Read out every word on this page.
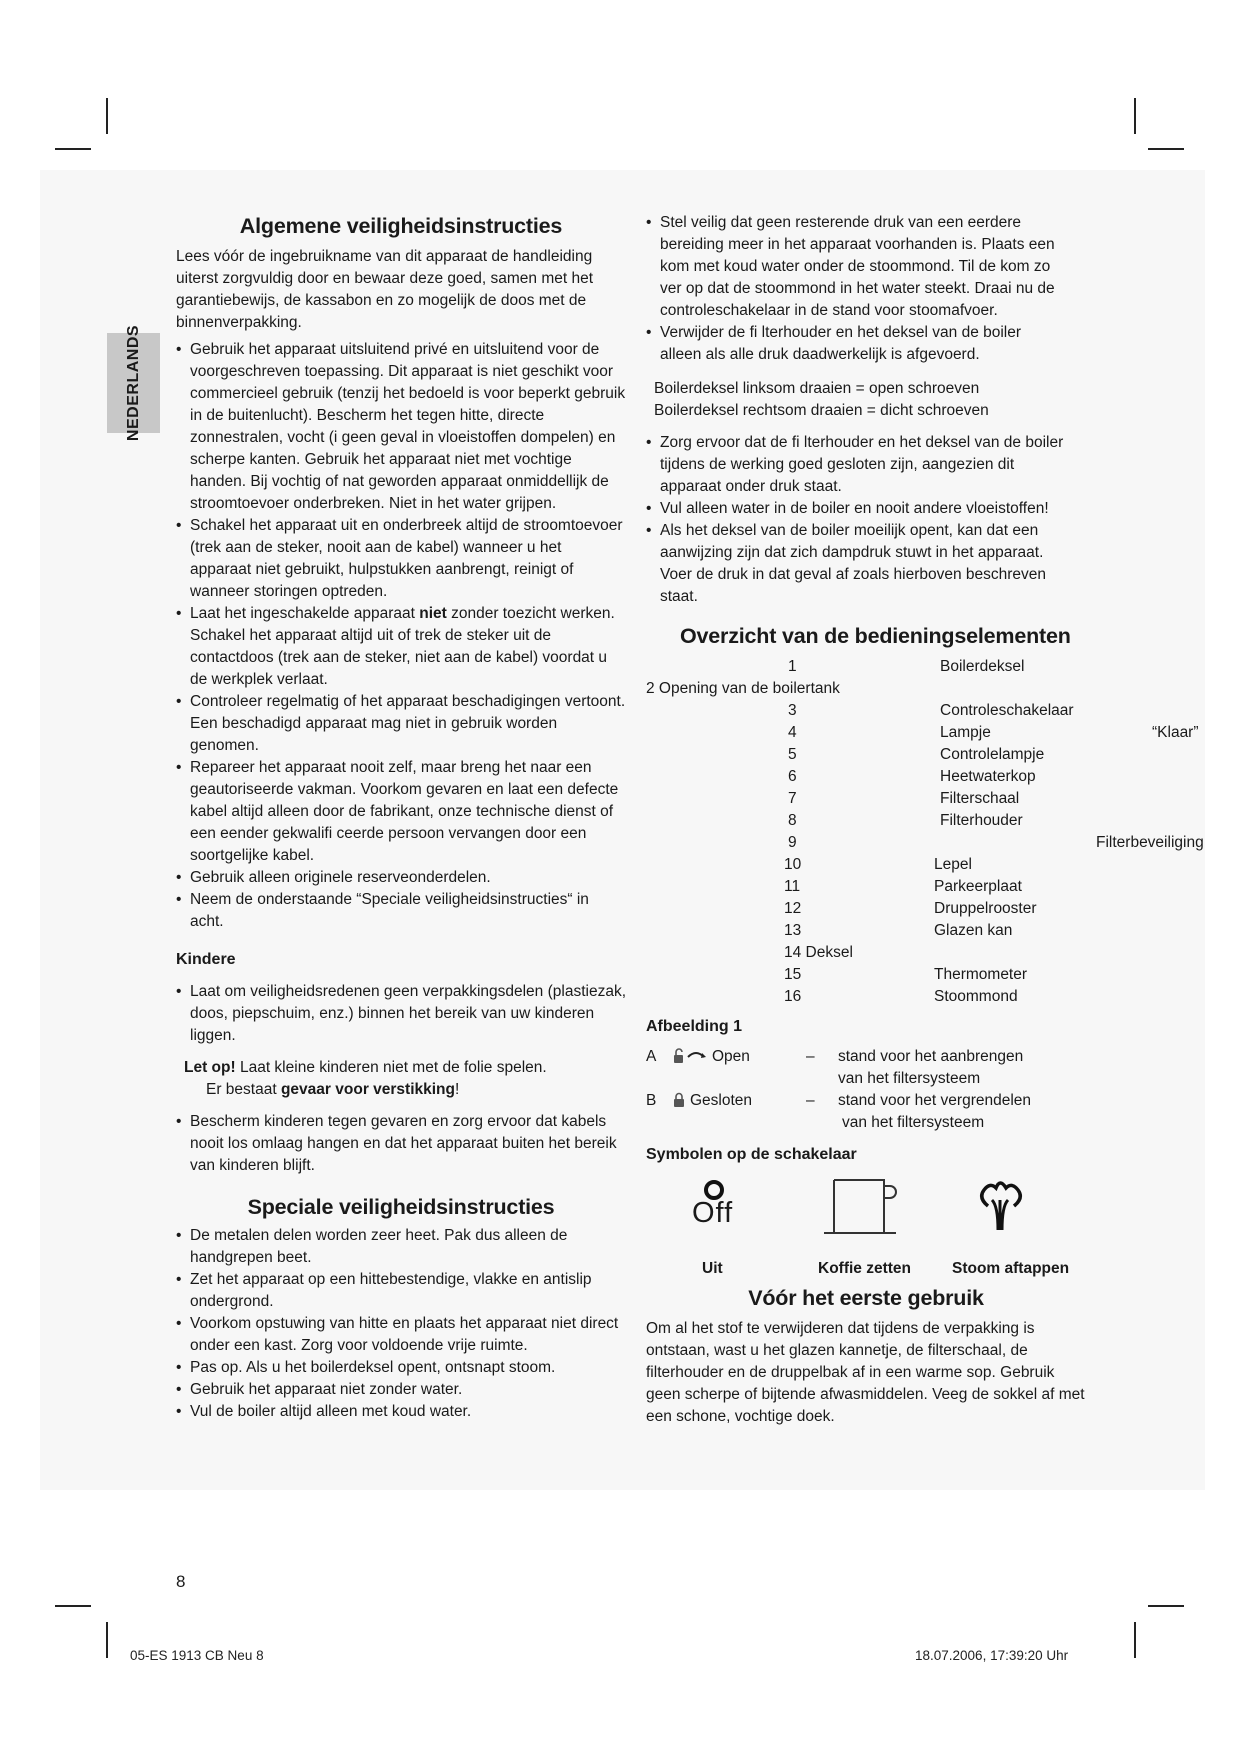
NEDERLANDS
Algemene veiligheidsinstructies

Lees vóór de ingebruikname van dit apparaat de handleiding uiterst zorgvuldig door en bewaar deze goed, samen met het garantiebewijs, de kassabon en zo mogelijk de doos met de binnenverpakking.

• Gebruik het apparaat uitsluitend privé en uitsluitend voor de voorgeschreven toepassing. Dit apparaat is niet geschikt voor commercieel gebruik (tenzij het bedoeld is voor beperkt gebruik in de buitenlucht). Bescherm het tegen hitte, directe zonnestralen, vocht (i geen geval in vloeistoffen dompelen) en scherpe kanten. Gebruik het apparaat niet met vochtige handen. Bij vochtig of nat geworden apparaat onmiddellijk de stroomtoevoer onderbreken. Niet in het water grijpen.
• Schakel het apparaat uit en onderbreek altijd de stroomtoevoer (trek aan de steker, nooit aan de kabel) wanneer u het apparaat niet gebruikt, hulpstukken aanbrengt, reinigt of wanneer storingen optreden.
• Laat het ingeschakelde apparaat niet zonder toezicht werken. Schakel het apparaat altijd uit of trek de steker uit de contactdoos (trek aan de steker, niet aan de kabel) voordat u de werkplek verlaat.
• Controleer regelmatig of het apparaat beschadigingen vertoont. Een beschadigd apparaat mag niet in gebruik worden genomen.
• Repareer het apparaat nooit zelf, maar breng het naar een geautoriseerde vakman. Voorkom gevaren en laat een defecte kabel altijd alleen door de fabrikant, onze technische dienst of een eender gekwalifi ceerde persoon vervangen door een soortgelijke kabel.
• Gebruik alleen originele reserveonderdelen.
• Neem de onderstaande “Speciale veiligheidsinstructies“ in acht.
Kindere
• Laat om veiligheidsredenen geen verpakkingsdelen (plastiezak, doos, piepschuim, enz.) binnen het bereik van uw kinderen liggen.

Let op! Laat kleine kinderen niet met de folie spelen.
Er bestaat gevaar voor verstikking!

• Bescherm kinderen tegen gevaren en zorg ervoor dat kabels nooit los omlaag hangen en dat het apparaat buiten het bereik van kinderen blijft.
Speciale veiligheidsinstructies
• De metalen delen worden zeer heet. Pak dus alleen de handgrepen beet.
• Zet het apparaat op een hittebestendige, vlakke en antislip ondergrond.
• Voorkom opstuwing van hitte en plaats het apparaat niet direct onder een kast. Zorg voor voldoende vrije ruimte.
• Pas op. Als u het boilerdeksel opent, ontsnapt stoom.
• Gebruik het apparaat niet zonder water.
• Vul de boiler altijd alleen met koud water.
• Stel veilig dat geen resterende druk van een eerdere bereiding meer in het apparaat voorhanden is. Plaats een kom met koud water onder de stoommond. Til de kom zo ver op dat de stoommond in het water steekt. Draai nu de controleschakelaar in de stand voor stoomafvoer.
• Verwijder de fi lterhouder en het deksel van de boiler alleen als alle druk daadwerkelijk is afgevoerd.

Boilerdeksel linksom draaien = open schroeven

Boilerdeksel rechtsom draaien = dicht schroeven

• Zorg ervoor dat de fi lterhouder en het deksel van de boiler tijdens de werking goed gesloten zijn, aangezien dit apparaat onder druk staat.
• Vul alleen water in de boiler en nooit andere vloeistoffen!
• Als het deksel van de boiler moeilijk opent, kan dat een aanwijzing zijn dat zich dampdruk stuwt in het apparaat. Voer de druk in dat geval af zoals hierboven beschreven staat.
Overzicht van de bedieningselementen
1	Boilerdeksel
2 Opening van de boilertank
3	Controleschakelaar
4	Lampje	“Klaar”
5	Controlelampje
6	Heetwaterkop
7	Filterschaal
8	Filterhouder
9	Filterbeveiliging
10	Lepel
11	Parkeerplaat
12	Druppelrooster
13	Glazen kan
14 Deksel
15	Thermometer
16	Stoommond
Afbeelding 1
A	Open	– stand voor het aanbrengen
van het filtersysteem
B Gesloten	– stand voor het vergrendelen
van het filtersysteem
Symbolen op de schakelaar
Off
Uit	Koffie zetten	Stoom aftappen
Vóór het eerste gebruik

Om al het stof te verwijderen dat tijdens de verpakking is ontstaan, wast u het glazen kannetje, de filterschaal, de filterhouder en de druppelbak af in een warme sop. Gebruik geen scherpe of bijtende afwasmiddelen. Veeg de sokkel af met een schone, vochtige doek.

8
05-ES 1913 CB Neu 8	18.07.2006, 17:39:20 Uhr
